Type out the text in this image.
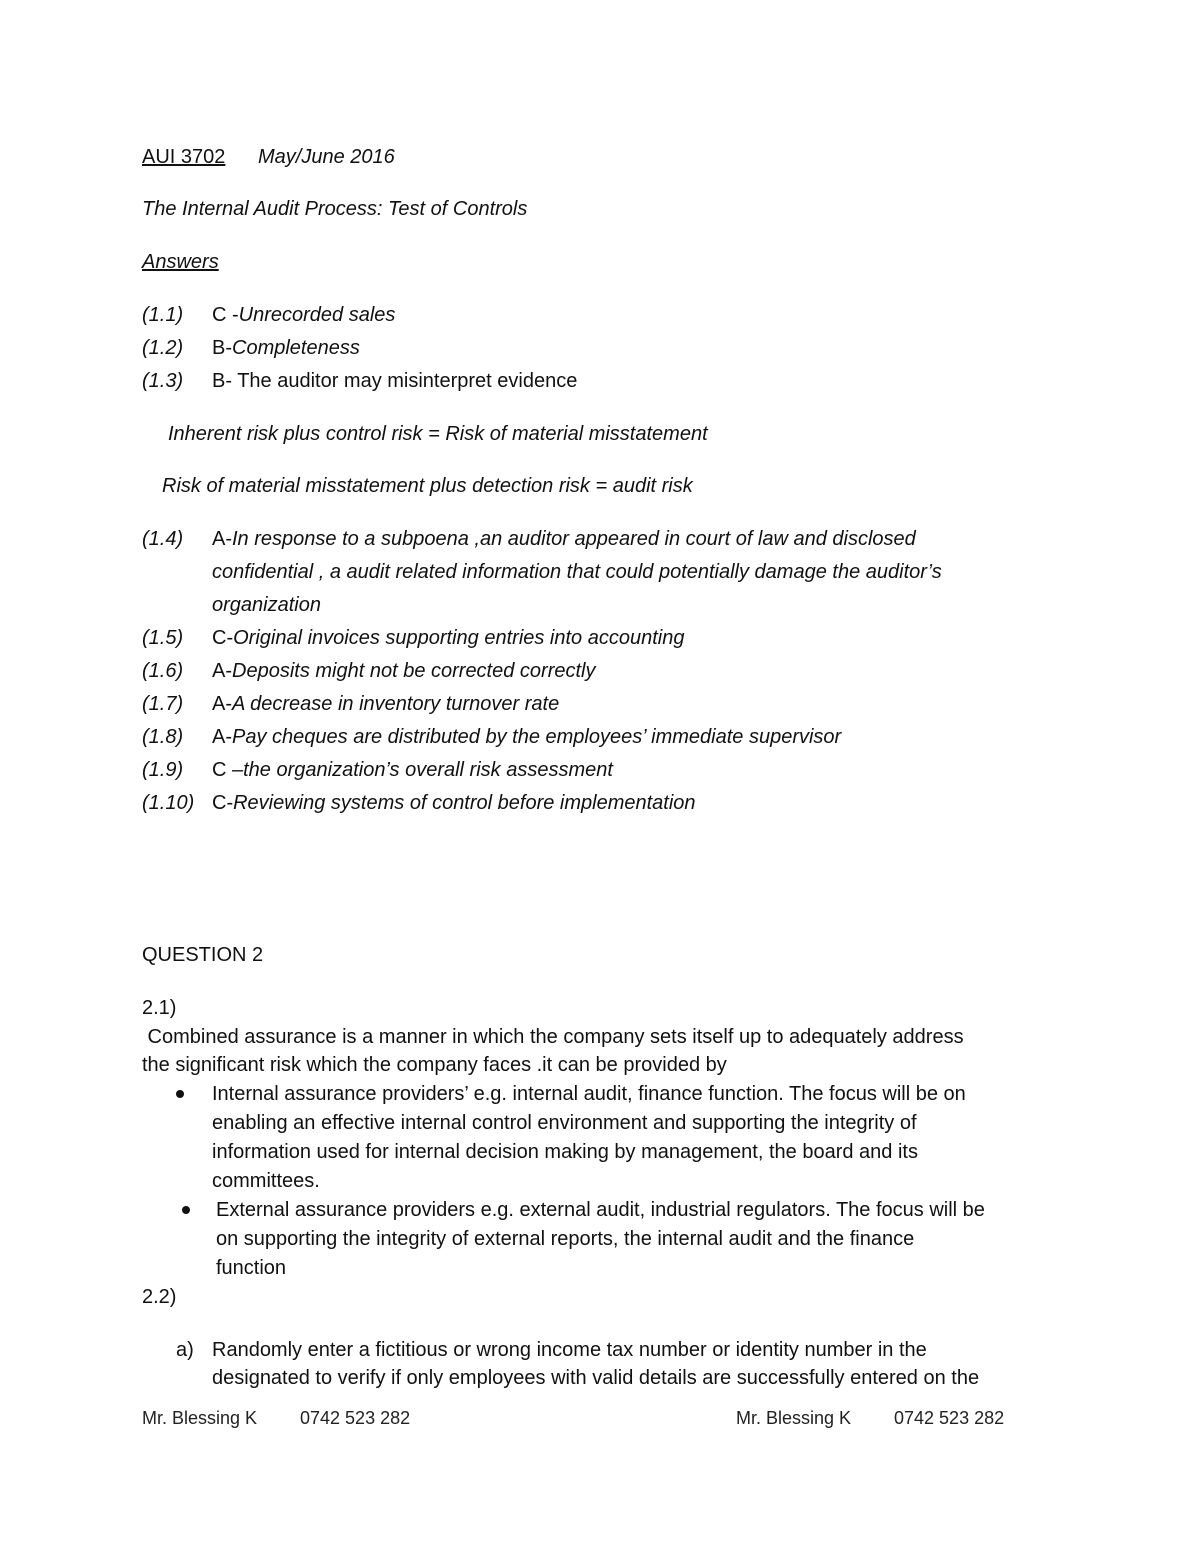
AUI 3702 May/June 2016
The Internal Audit Process: Test of Controls
Answers
(1.1) C -Unrecorded sales
(1.2) B-Completeness
(1.3) B- The auditor may misinterpret evidence
Inherent risk plus control risk = Risk of material misstatement
Risk of material misstatement plus detection risk = audit risk
(1.4) A-In response to a subpoena ,an auditor appeared in court of law and disclosed
confidential , a audit related information that could potentially damage the auditor’s
organization
(1.5) C-Original invoices supporting entries into accounting
(1.6) A-Deposits might not be corrected correctly
(1.7) A-A decrease in inventory turnover rate
(1.8) A-Pay cheques are distributed by the employees’ immediate supervisor
(1.9) C –the organization’s overall risk assessment
(1.10) C-Reviewing systems of control before implementation
QUESTION 2
2.1)
Combined assurance is a manner in which the company sets itself up to adequately address
the significant risk which the company faces .it can be provided by
Internal assurance providers’ e.g. internal audit, finance function. The focus will be on
enabling an effective internal control environment and supporting the integrity of
information used for internal decision making by management, the board and its
committees.
External assurance providers e.g. external audit, industrial regulators. The focus will be
on supporting the integrity of external reports, the internal audit and the finance
function
2.2)
a) Randomly enter a fictitious or wrong income tax number or identity number in the
designated to verify if only employees with valid details are successfully entered on the
Mr. Blessing K 0742 523 282	Mr. Blessing K 0742 523 282
